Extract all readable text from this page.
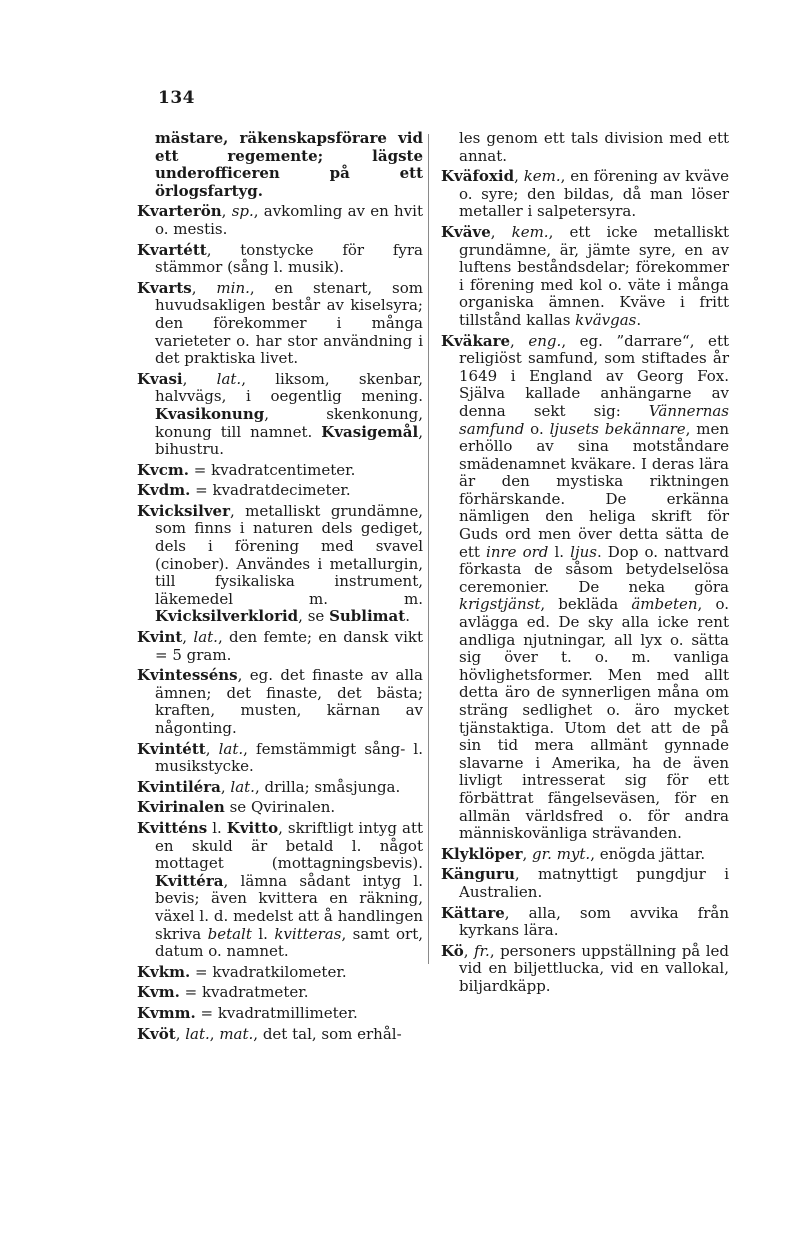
134
mästare, räkenskapsförare vid ett regemente; lägste underofficeren på ett örlogsfartyg.
Kvarterön, sp., avkomling av en hvit o. mestis.
Kvartétt, tonstycke för fyra stämmor (sång l. musik).
Kvarts, min., en stenart, som huvudsakligen består av kiselsyra; den förekommer i många varieteter o. har stor användning i det praktiska livet.
Kvasi, lat., liksom, skenbar, halvvägs, i oegentlig mening. Kvasikonung, skenkonung, konung till namnet. Kvasigemål, bihustru.
Kvcm. = kvadratcentimeter.
Kvdm. = kvadratdecimeter.
Kvicksilver, metalliskt grundämne, som finns i naturen dels gediget, dels i förening med svavel (cinober). Användes i metallurgin, till fysikaliska instrument, läkemedel m. m. Kvicksilverklorid, se Sublimat.
Kvint, lat., den femte; en dansk vikt = 5 gram.
Kvintesséns, eg. det finaste av alla ämnen; det finaste, det bästa; kraften, musten, kärnan av någonting.
Kvintétt, lat., femstämmigt sång- l. musikstycke.
Kvintiléra, lat., drilla; småsjunga.
Kvirinalen se Qvirinalen.
Kvitténs l. Kvitto, skriftligt intyg att en skuld är betald l. något mottaget (mottagningsbevis). Kvittéra, lämna sådant intyg l. bevis; även kvittera en räkning, växel l. d. medelst att å handlingen skriva betalt l. kvitteras, samt ort, datum o. namnet.
Kvkm. = kvadratkilometer.
Kvm. = kvadratmeter.
Kvmm. = kvadratmillimeter.
Kvöt, lat., mat., det tal, som erhål-
les genom ett tals division med ett annat.
Kväfoxid, kem., en förening av kväve o. syre; den bildas, då man löser metaller i salpetersyra.
Kväve, kem., ett icke metalliskt grundämne, är, jämte syre, en av luftens beståndsdelar; förekommer i förening med kol o. väte i många organiska ämnen. Kväve i fritt tillstånd kallas kvävgas.
Kväkare, eng., eg. ”darrare“, ett religiöst samfund, som stiftades år 1649 i England av Georg Fox. Själva kallade anhängarne av denna sekt sig: Vännernas samfund o. ljusets bekännare, men erhöllo av sina motståndare smädenamnet kväkare. I deras lära är den mystiska riktningen förhärskande. De erkänna nämligen den heliga skrift för Guds ord men över detta sätta de ett inre ord l. ljus. Dop o. nattvard förkasta de såsom betydelselösa ceremonier. De neka göra krigstjänst, bekläda ämbeten, o. avlägga ed. De sky alla icke rent andliga njutningar, all lyx o. sätta sig över t. o. m. vanliga hövlighetsformer. Men med allt detta äro de synnerligen måna om sträng sedlighet o. äro mycket tjänstaktiga. Utom det att de på sin tid mera allmänt gynnade slavarne i Amerika, ha de även livligt intresserat sig för ett förbättrat fängelseväsen, för en allmän världsfred o. för andra människovänliga strävanden.
Klyklöper, gr. myt., enögda jättar.
Känguru, matnyttigt pungdjur i Australien.
Kättare, alla, som avvika från kyrkans lära.
Kö, fr., personers uppställning på led vid en biljettlucka, vid en vallokal, biljardkäpp.
